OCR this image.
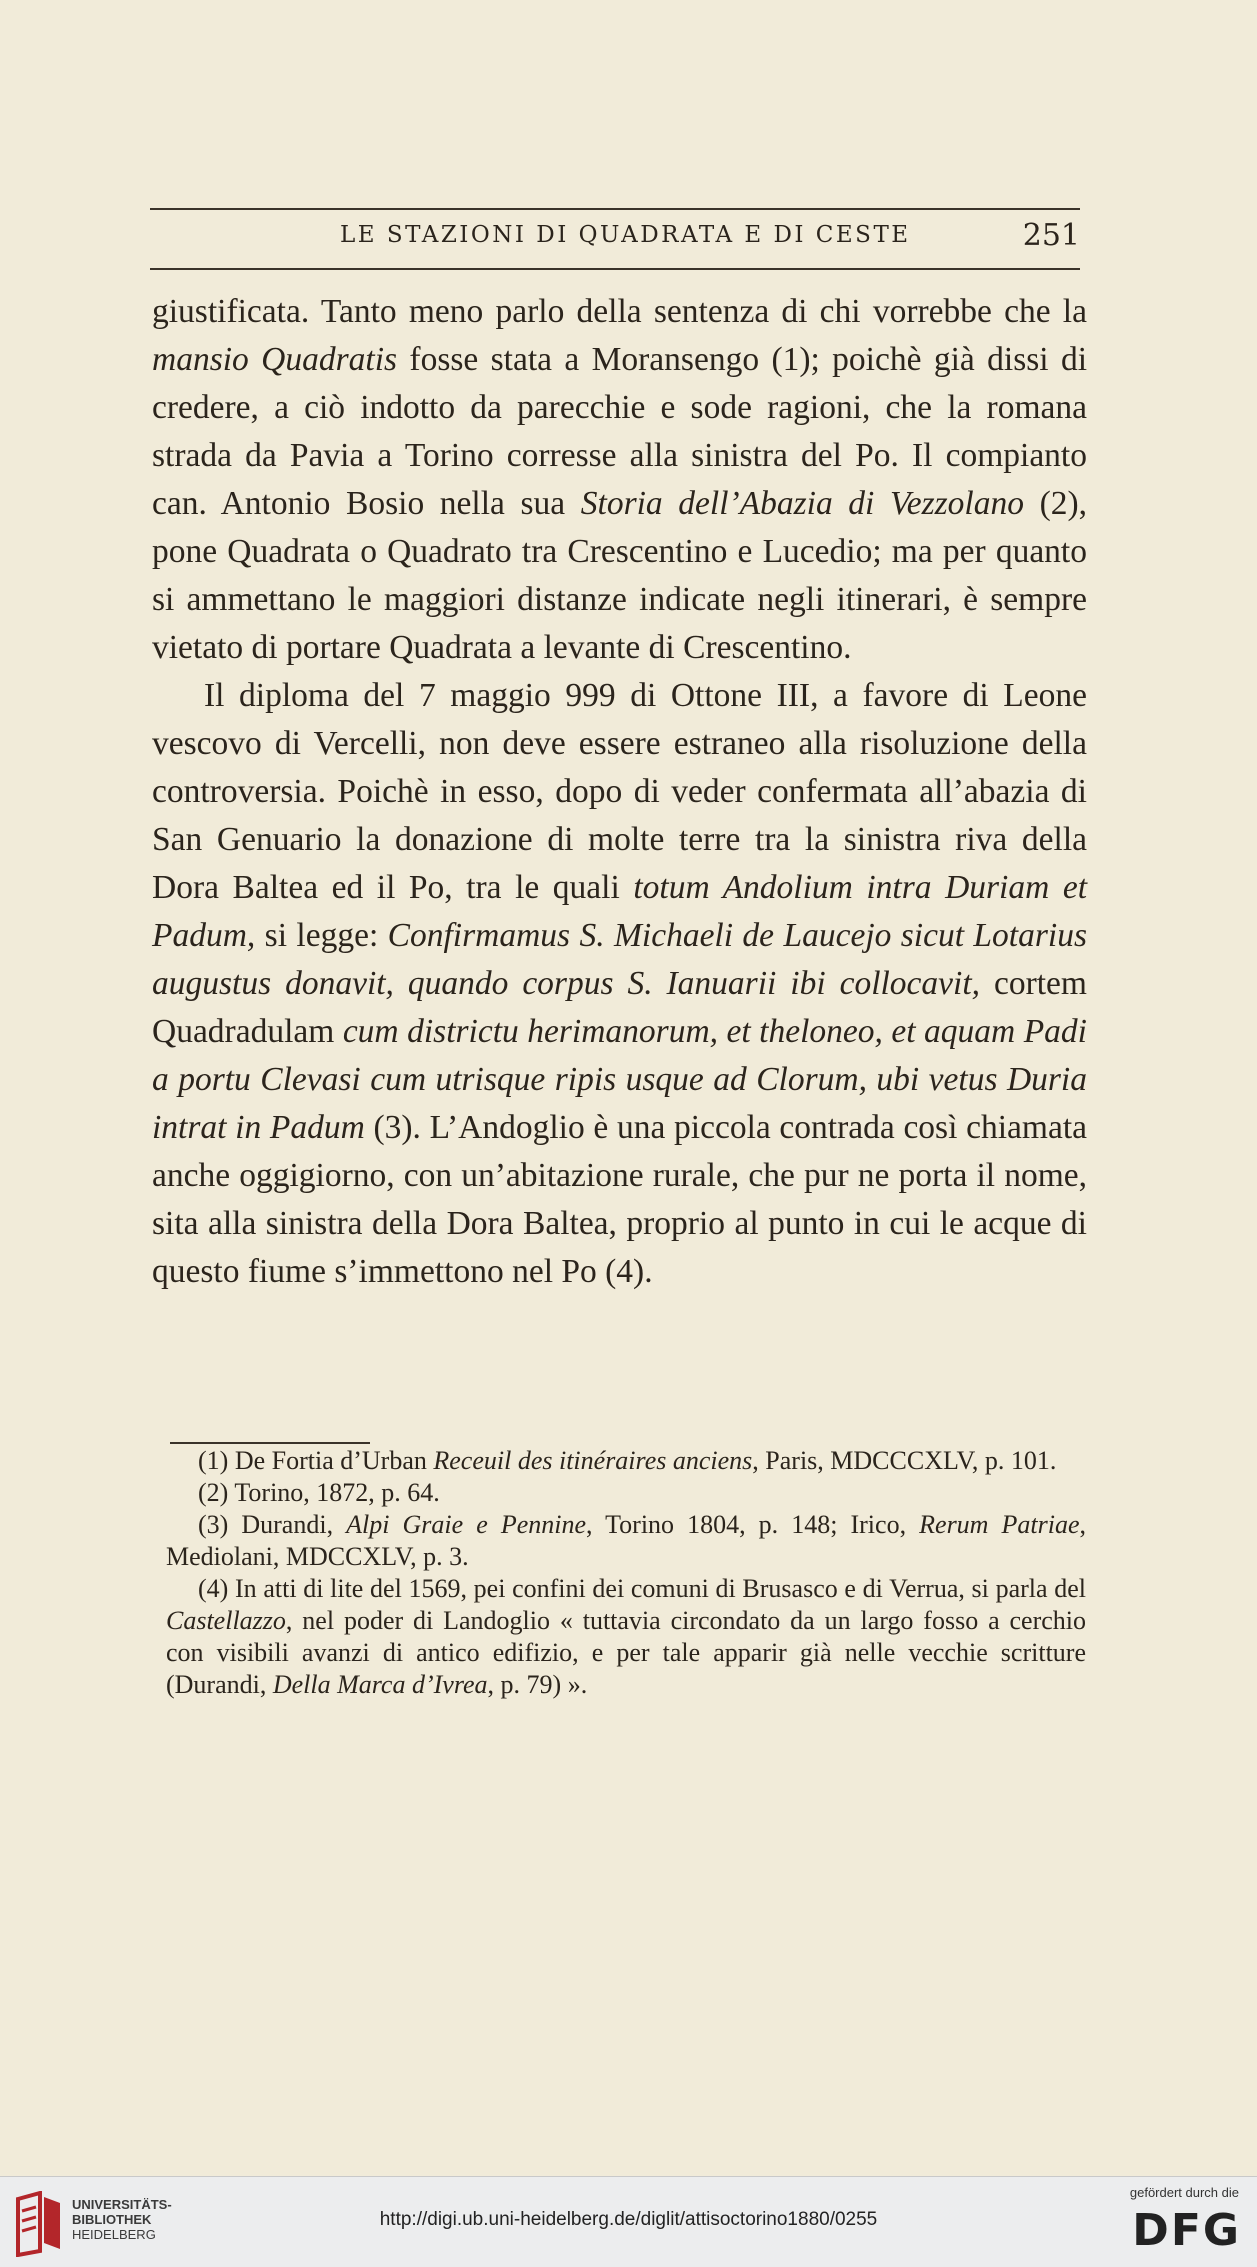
LE STAZIONI DI QUADRATA E DI CESTE	251

giustificata. Tanto meno parlo della sentenza di chi vorrebbe che la mansio Quadratis fosse stata a Moransengo (1); poichè già dissi di credere, a ciò indotto da parecchie e sode ragioni, che la romana strada da Pavia a Torino corresse alla sinistra del Po. Il compianto can. Antonio Bosio nella sua Storia dell’Abazia di Vezzolano (2), pone Quadrata o Quadrato tra Crescentino e Lucedio; ma per quanto si ammettano le maggiori distanze indicate negli itinerari, è sempre vietato di portare Quadrata a levante di Crescentino.

Il diploma del 7 maggio 999 di Ottone III, a favore di Leone vescovo di Vercelli, non deve essere estraneo alla risoluzione della controversia. Poichè in esso, dopo di veder confermata all’abazia di San Genuario la donazione di molte terre tra la sinistra riva della Dora Baltea ed il Po, tra le quali totum Andolium intra Duriam et Padum, si legge: Confirmamus S. Michaeli de Laucejo sicut Lotarius augustus donavit, quando corpus S. Ianuarii ibi collocavit, cortem Quadradulam cum districtu herimanorum, et theloneo, et aquam Padi a portu Clevasi cum utrisque ripis usque ad Clorum, ubi vetus Duria intrat in Padum (3). L’Andoglio è una piccola contrada così chiamata anche oggigiorno, con un’abitazione rurale, che pur ne porta il nome, sita alla sinistra della Dora Baltea, proprio al punto in cui le acque di questo fiume s’immettono nel Po (4).

(1) De Fortia d’Urban Receuil des itinéraires anciens, Paris, MDCCCXLV, p. 101.

(2) Torino, 1872, p. 64.

(3) Durandi, Alpi Graie e Pennine, Torino 1804, p. 148; Irico, Rerum Patriae, Mediolani, MDCCXLV, p. 3.

(4) In atti di lite del 1569, pei confini dei comuni di Brusasco e di Verrua, si parla del Castellazzo, nel poder di Landoglio « tuttavia circondato da un largo fosso a cerchio con visibili avanzi di antico edifizio, e per tale apparir già nelle vecchie scritture (Durandi, Della Marca d’Ivrea, p. 79) ».

UNIVERSITÄTS-
BIBLIOTHEK
HEIDELBERG
http://digi.ub.uni-heidelberg.de/diglit/attisoctorino1880/0255
gefördert durch die
DFG
